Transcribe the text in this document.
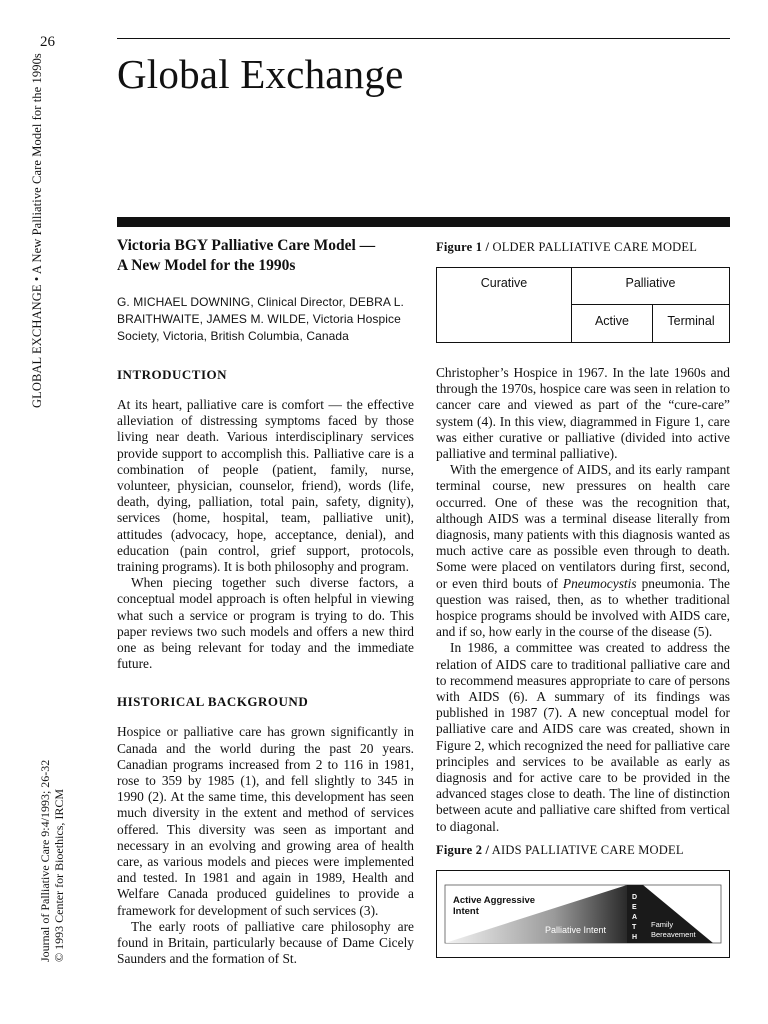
26
GLOBAL EXCHANGE • A New Palliative Care Model for the 1990s
Journal of Palliative Care 9:4/1993; 26-32 © 1993 Center for Bioethics, IRCM
Global Exchange

Victoria BGY Palliative Care Model —
A New Model for the 1990s

G. MICHAEL DOWNING, Clinical Director, DEBRA L. BRAITHWAITE, JAMES M. WILDE, Victoria Hospice Society, Victoria, British Columbia, Canada

INTRODUCTION

At its heart, palliative care is comfort — the effective alleviation of distressing symptoms faced by those living near death. Various interdisciplinary services provide support to accomplish this. Palliative care is a combination of people (patient, family, nurse, volunteer, physician, counselor, friend), words (life, death, dying, palliation, total pain, safety, dignity), services (home, hospital, team, palliative unit), attitudes (advocacy, hope, acceptance, denial), and education (pain control, grief support, protocols, training programs). It is both philosophy and program.

When piecing together such diverse factors, a conceptual model approach is often helpful in viewing what such a service or program is trying to do. This paper reviews two such models and offers a new third one as being relevant for today and the immediate future.

HISTORICAL BACKGROUND

Hospice or palliative care has grown significantly in Canada and the world during the past 20 years. Canadian programs increased from 2 to 116 in 1981, rose to 359 by 1985 (1), and fell slightly to 345 in 1990 (2). At the same time, this development has seen much diversity in the extent and method of services offered. This diversity was seen as important and necessary in an evolving and growing area of health care, as various models and pieces were implemented and tested. In 1981 and again in 1989, Health and Welfare Canada produced guidelines to provide a framework for development of such services (3).

The early roots of palliative care philosophy are found in Britain, particularly because of Dame Cicely Saunders and the formation of St.

Figure 1 / OLDER PALLIATIVE CARE MODEL

Curative	Palliative
Active	Terminal

Christopher’s Hospice in 1967. In the late 1960s and through the 1970s, hospice care was seen in relation to cancer care and viewed as part of the “cure-care” system (4). In this view, diagrammed in Figure 1, care was either curative or palliative (divided into active palliative and terminal palliative).

With the emergence of AIDS, and its early rampant terminal course, new pressures on health care occurred. One of these was the recognition that, although AIDS was a terminal disease literally from diagnosis, many patients with this diagnosis wanted as much active care as possible even through to death. Some were placed on ventilators during first, second, or even third bouts of Pneumocystis pneumonia. The question was raised, then, as to whether traditional hospice programs should be involved with AIDS care, and if so, how early in the course of the disease (5).

In 1986, a committee was created to address the relation of AIDS care to traditional palliative care and to recommend measures appropriate to care of persons with AIDS (6). A summary of its findings was published in 1987 (7). A new conceptual model for palliative care and AIDS care was created, shown in Figure 2, which recognized the need for palliative care principles and services to be available as early as diagnosis and for active care to be provided in the advanced stages close to death. The line of distinction between acute and palliative care shifted from vertical to diagonal.

Figure 2 / AIDS PALLIATIVE CARE MODEL

Active Aggressive
Intent
Palliative Intent
D
E
A
T
H
Family
Bereavement
